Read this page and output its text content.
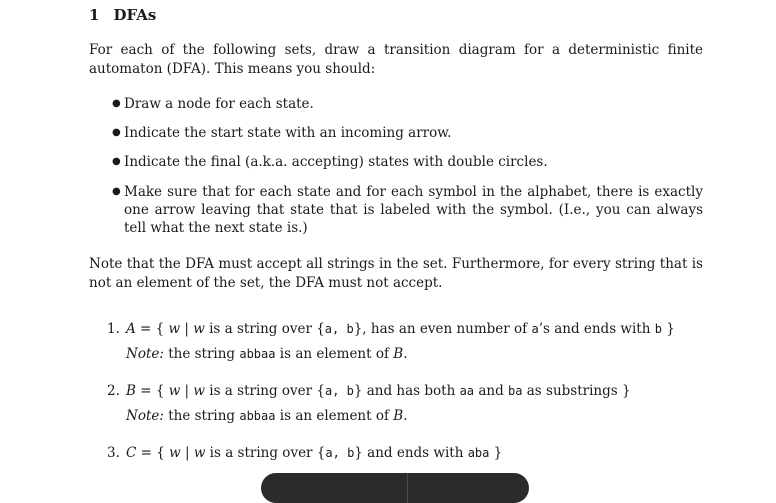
1 DFAs

For each of the following sets, draw a transition diagram for a deterministic finite automaton (DFA). This means you should:

● Draw a node for each state.
● Indicate the start state with an incoming arrow.
● Indicate the final (a.k.a. accepting) states with double circles.
● Make sure that for each state and for each symbol in the alphabet, there is exactly one arrow leaving that state that is labeled with the symbol. (I.e., you can always tell what the next state is.)

Note that the DFA must accept all strings in the set. Furthermore, for every string that is not an element of the set, the DFA must not accept.

1. A = { w | w is a string over {a, b}, has an even number of a’s and ends with b }
Note: the string abbaa is an element of B.
2. B = { w | w is a string over {a, b} and has both aa and ba as substrings }
Note: the string abbaa is an element of B.
3. C = { w | w is a string over {a, b} and ends with aba }
